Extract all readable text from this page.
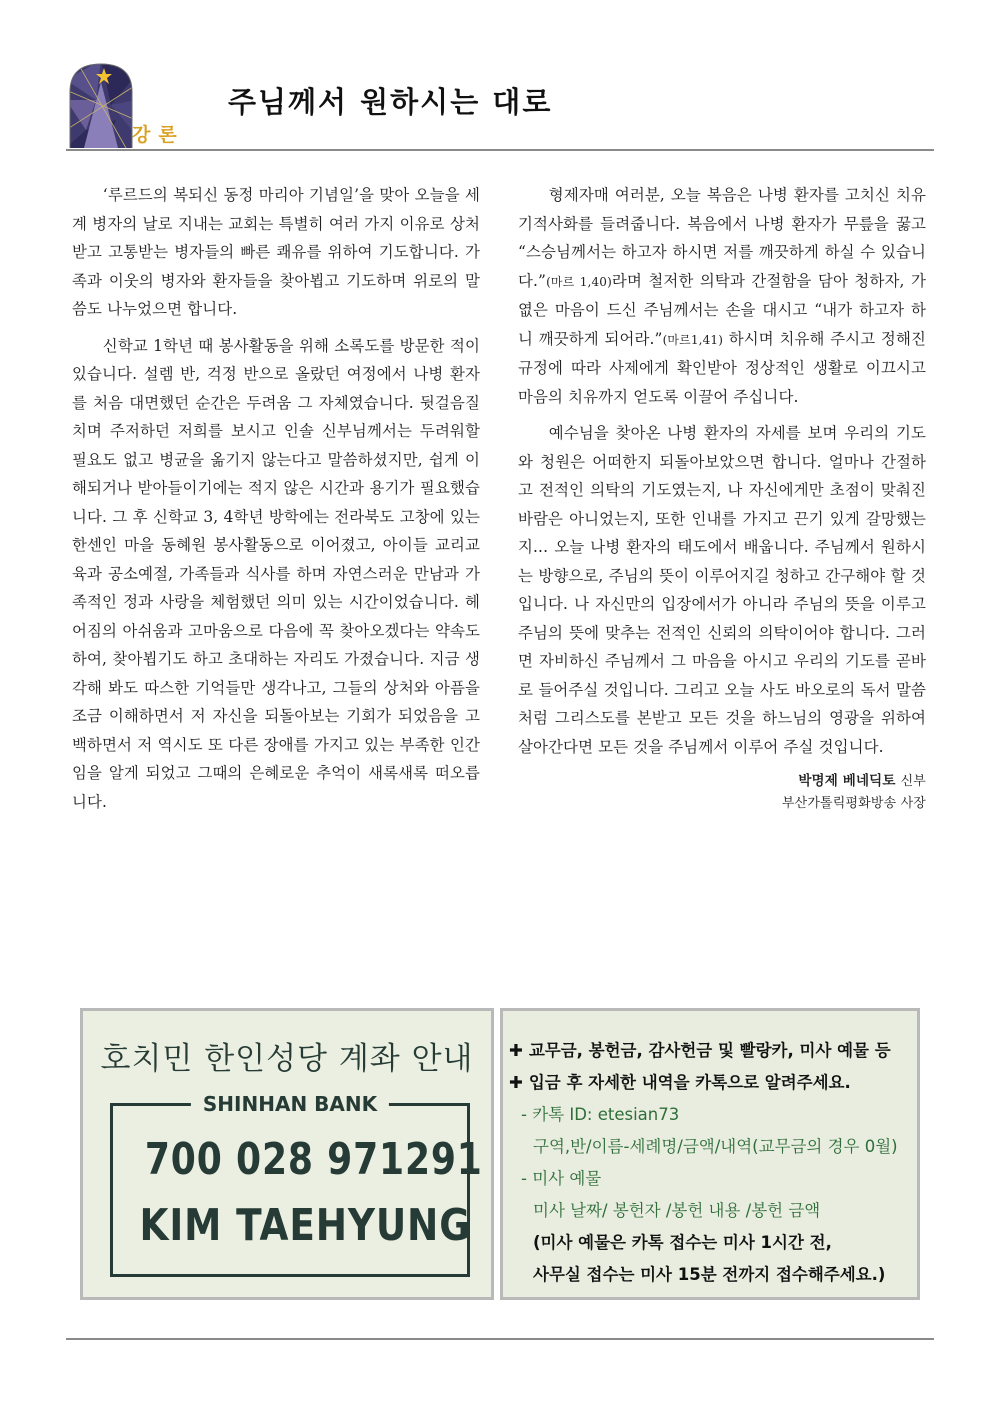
강론
주님께서 원하시는 대로

‘루르드의 복되신 동정 마리아 기념일’을 맞아 오늘을 세계 병자의 날로 지내는 교회는 특별히 여러 가지 이유로 상처받고 고통받는 병자들의 빠른 쾌유를 위하여 기도합니다. 가족과 이웃의 병자와 환자들을 찾아뵙고 기도하며 위로의 말씀도 나누었으면 합니다.

신학교 1학년 때 봉사활동을 위해 소록도를 방문한 적이 있습니다. 설렘 반, 걱정 반으로 올랐던 여정에서 나병 환자를 처음 대면했던 순간은 두려움 그 자체였습니다. 뒷걸음질 치며 주저하던 저희를 보시고 인솔 신부님께서는 두려워할 필요도 없고 병균을 옮기지 않는다고 말씀하셨지만, 쉽게 이해되거나 받아들이기에는 적지 않은 시간과 용기가 필요했습니다. 그 후 신학교 3, 4학년 방학에는 전라북도 고창에 있는 한센인 마을 동혜원 봉사활동으로 이어졌고, 아이들 교리교육과 공소예절, 가족들과 식사를 하며 자연스러운 만남과 가족적인 정과 사랑을 체험했던 의미 있는 시간이었습니다. 헤어짐의 아쉬움과 고마움으로 다음에 꼭 찾아오겠다는 약속도 하여, 찾아뵙기도 하고 초대하는 자리도 가졌습니다. 지금 생각해 봐도 따스한 기억들만 생각나고, 그들의 상처와 아픔을 조금 이해하면서 저 자신을 되돌아보는 기회가 되었음을 고백하면서 저 역시도 또 다른 장애를 가지고 있는 부족한 인간임을 알게 되었고 그때의 은혜로운 추억이 새록새록 떠오릅니다.

형제자매 여러분, 오늘 복음은 나병 환자를 고치신 치유 기적사화를 들려줍니다. 복음에서 나병 환자가 무릎을 꿇고 “스승님께서는 하고자 하시면 저를 깨끗하게 하실 수 있습니다.”(마르 1,40)라며 철저한 의탁과 간절함을 담아 청하자, 가엾은 마음이 드신 주님께서는 손을 대시고 “내가 하고자 하니 깨끗하게 되어라.”(마르1,41) 하시며 치유해 주시고 정해진 규정에 따라 사제에게 확인받아 정상적인 생활로 이끄시고 마음의 치유까지 얻도록 이끌어 주십니다.

예수님을 찾아온 나병 환자의 자세를 보며 우리의 기도와 청원은 어떠한지 되돌아보았으면 합니다. 얼마나 간절하고 전적인 의탁의 기도였는지, 나 자신에게만 초점이 맞춰진 바람은 아니었는지, 또한 인내를 가지고 끈기 있게 갈망했는지... 오늘 나병 환자의 태도에서 배웁니다. 주님께서 원하시는 방향으로, 주님의 뜻이 이루어지길 청하고 간구해야 할 것입니다. 나 자신만의 입장에서가 아니라 주님의 뜻을 이루고 주님의 뜻에 맞추는 전적인 신뢰의 의탁이어야 합니다. 그러면 자비하신 주님께서 그 마음을 아시고 우리의 기도를 곧바로 들어주실 것입니다. 그리고 오늘 사도 바오로의 독서 말씀처럼 그리스도를 본받고 모든 것을 하느님의 영광을 위하여 살아간다면 모든 것을 주님께서 이루어 주실 것입니다.

박명제 베네딕토 신부
부산가톨릭평화방송 사장
호치민 한인성당 계좌 안내
SHINHAN BANK
700 028 971291
KIM TAEHYUNG
✚ 교무금, 봉헌금, 감사헌금 및 빨랑카, 미사 예물 등
✚ 입금 후 자세한 내역을 카톡으로 알려주세요.
- 카톡 ID: etesian73
구역,반/이름-세례명/금액/내역(교무금의 경우 0월)
- 미사 예물
미사 날짜/ 봉헌자 /봉헌 내용 /봉헌 금액
(미사 예물은 카톡 접수는 미사 1시간 전,
사무실 접수는 미사 15분 전까지 접수해주세요.)
